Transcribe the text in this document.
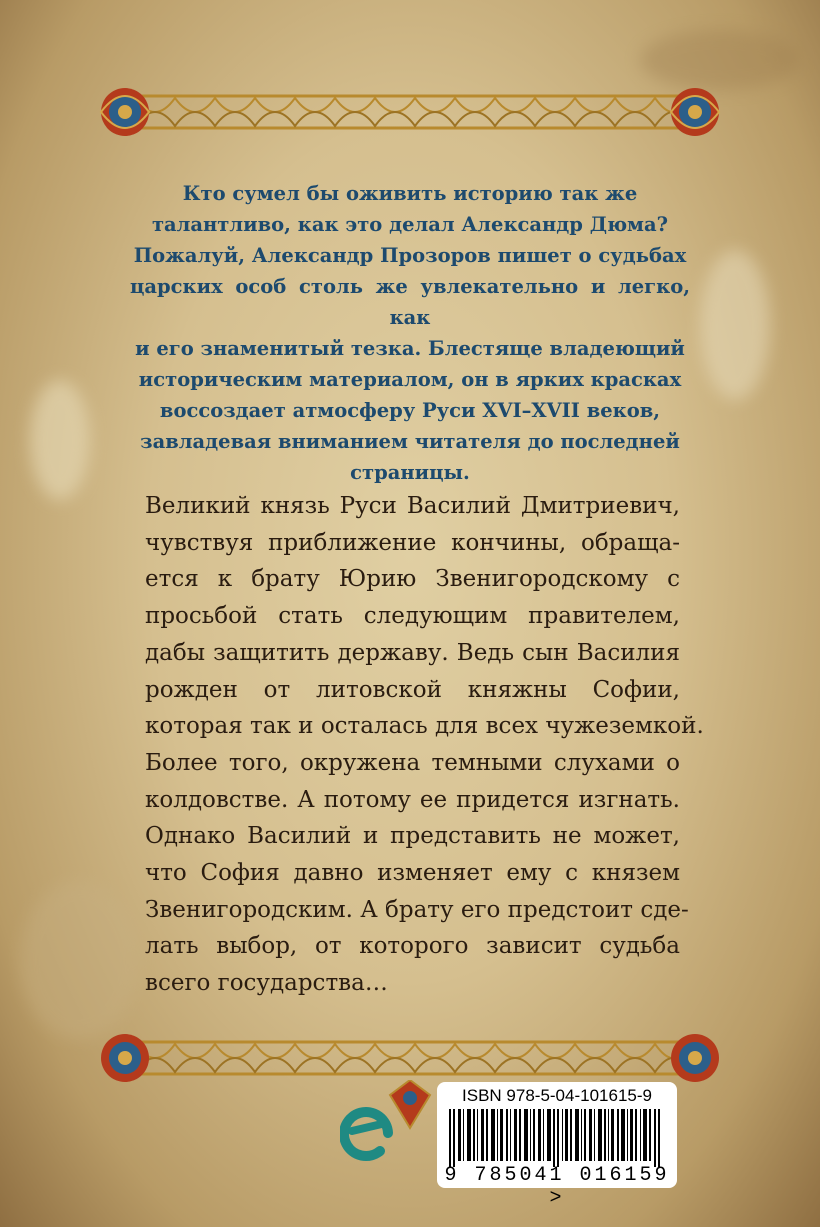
Кто сумел бы оживить историю так же
талантливо, как это делал Александр Дюма?
Пожалуй, Александр Прозоров пишет о судьбах
царских особ столь же увлекательно и легко, как
и его знаменитый тезка. Блестяще владеющий
историческим материалом, он в ярких красках
воссоздает атмосферу Руси XVI–XVII веков,
завладевая вниманием читателя до последней
страницы.
Великий князь Руси Василий Дмитриевич,
чувствуя приближение кончины, обраща-
ется к брату Юрию Звенигородскому с
просьбой стать следующим правителем,
дабы защитить державу. Ведь сын Василия
рожден от литовской княжны Софии,
которая так и осталась для всех чужеземкой.
Более того, окружена темными слухами о
колдовстве. А потому ее придется изгнать.
Однако Василий и представить не может,
что София давно изменяет ему с князем
Звенигородским. А брату его предстоит сде-
лать выбор, от которого зависит судьба
всего государства…
ISBN 978-5-04-101615-9
9 785041 016159 >
